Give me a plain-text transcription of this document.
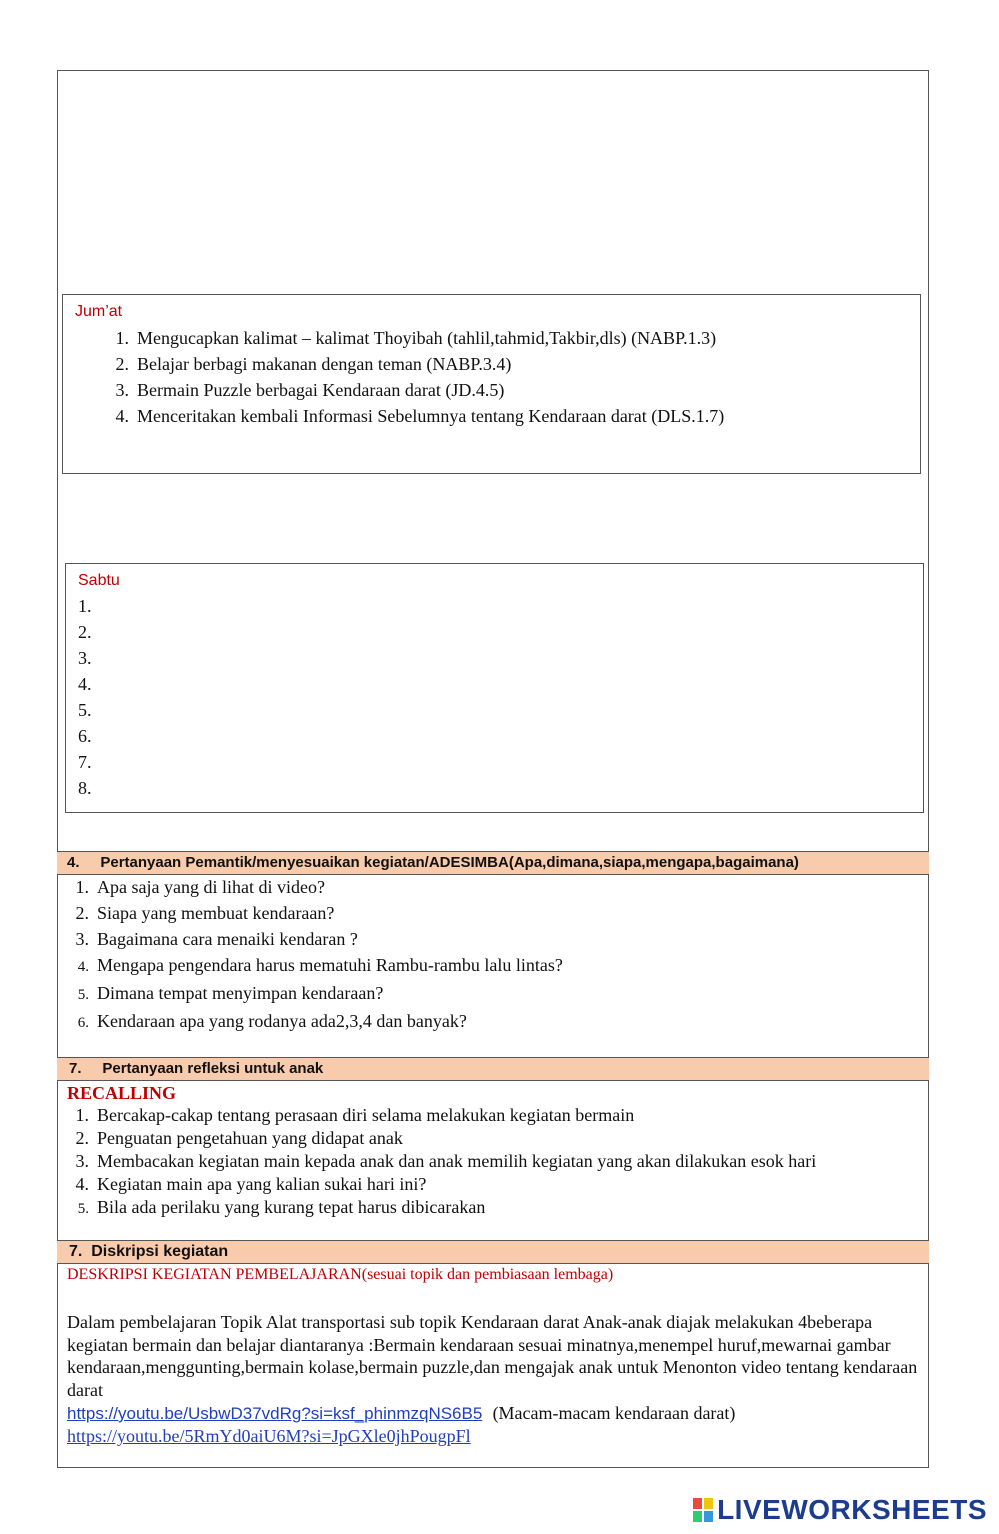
Jum’at
1. Mengucapkan kalimat – kalimat Thoyibah (tahlil,tahmid,Takbir,dls) (NABP.1.3)
2. Belajar berbagi makanan dengan teman (NABP.3.4)
3. Bermain Puzzle berbagai Kendaraan darat (JD.4.5)
4. Menceritakan kembali Informasi Sebelumnya tentang Kendaraan darat (DLS.1.7)
Sabtu
1.
2.
3.
4.
5.
6.
7.
8.
4.     Pertanyaan Pemantik/menyesuaikan kegiatan/ADESIMBA(Apa,dimana,siapa,mengapa,bagaimana)
1. Apa saja yang di lihat di video?
2. Siapa yang membuat kendaraan?
3. Bagaimana cara menaiki kendaran ?
4. Mengapa pengendara harus mematuhi Rambu-rambu lalu lintas?
5. Dimana tempat menyimpan kendaraan?
6. Kendaraan apa yang rodanya ada2,3,4 dan banyak?
7.     Pertanyaan refleksi untuk anak
RECALLING
1. Bercakap-cakap tentang perasaan diri selama melakukan kegiatan bermain
2. Penguatan pengetahuan yang didapat anak
3. Membacakan kegiatan main kepada anak dan anak memilih kegiatan yang akan dilakukan esok hari
4. Kegiatan main apa yang kalian sukai hari ini?
5. Bila ada perilaku yang kurang tepat harus dibicarakan
7.  Diskripsi kegiatan
DESKRIPSI KEGIATAN PEMBELAJARAN(sesuai topik dan pembiasaan lembaga)
Dalam pembelajaran Topik Alat transportasi sub topik Kendaraan darat Anak-anak diajak melakukan 4beberapa kegiatan bermain dan belajar diantaranya :Bermain kendaraan sesuai minatnya,menempel huruf,mewarnai gambar kendaraan,mengguntin​g,bermain kolase,bermain puzzle,dan mengajak anak untuk Menonton video tentang kendaraan darat
https://youtu.be/UsbwD37vdRg?si=ksf_phinmzqNS6B5 (Macam-macam kendaraan darat)
https://youtu.be/5RmYd0aiU6M?si=JpGXle0jhPougpFl
LIVEWORKSHEETS
